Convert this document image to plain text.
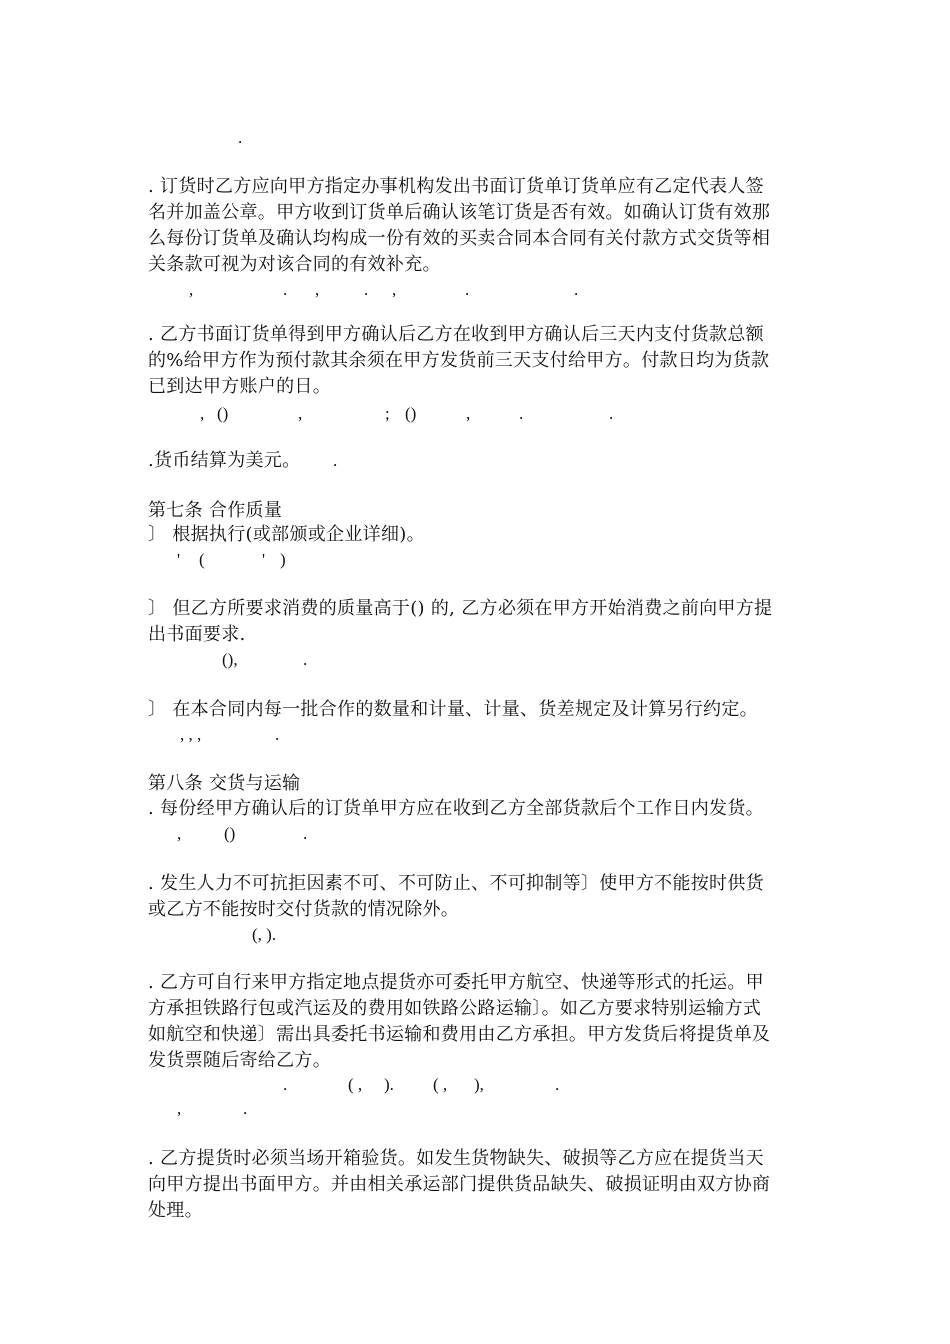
.
. 订货时乙方应向甲方指定办事机构发出书面订货单订货单应有乙定代表人签
名并加盖公章。甲方收到订货单后确认该笔订货是否有效。如确认订货有效那
么每份订货单及确认均构成一份有效的买卖合同本合同有关付款方式交货等相
关条款可视为对该合同的有效补充。
,	. ,	. ,	.	.
. 乙方书面订货单得到甲方确认后乙方在收到甲方确认后三天内支付货款总额
的%给甲方作为预付款其余须在甲方发货前三天支付给甲方。付款日均为货款
已到达甲方账户的日。
, ()	,	; ()	,	.	.
.货币结算为美元。 .
第七条 合作质量
〕 根据执行(或部颁或企业详细)。
' (	' )
〕 但乙方所要求消费的质量高于() 的, 乙方必须在甲方开始消费之前向甲方提
出书面要求.
(),	.
〕 在本合同内每一批合作的数量和计量、计量、货差规定及计算另行约定。
, , ,	.
第八条 交货与运输
. 每份经甲方确认后的订货单甲方应在收到乙方全部货款后个工作日内发货。
,	()	.
. 发生人力不可抗拒因素不可、不可防止、不可抑制等〕使甲方不能按时供货
或乙方不能按时交付货款的情况除外。
(, ).
. 乙方可自行来甲方指定地点提货亦可委托甲方航空、快递等形式的托运。甲
方承担铁路行包或汽运及的费用如铁路公路运输〕。如乙方要求特别运输方式
如航空和快递〕需出具委托书运输和费用由乙方承担。甲方发货后将提货单及
发货票随后寄给乙方。
.	( , ). ( , ),	.
,	.
. 乙方提货时必须当场开箱验货。如发生货物缺失、破损等乙方应在提货当天
向甲方提出书面甲方。并由相关承运部门提供货品缺失、破损证明由双方协商
处理。
